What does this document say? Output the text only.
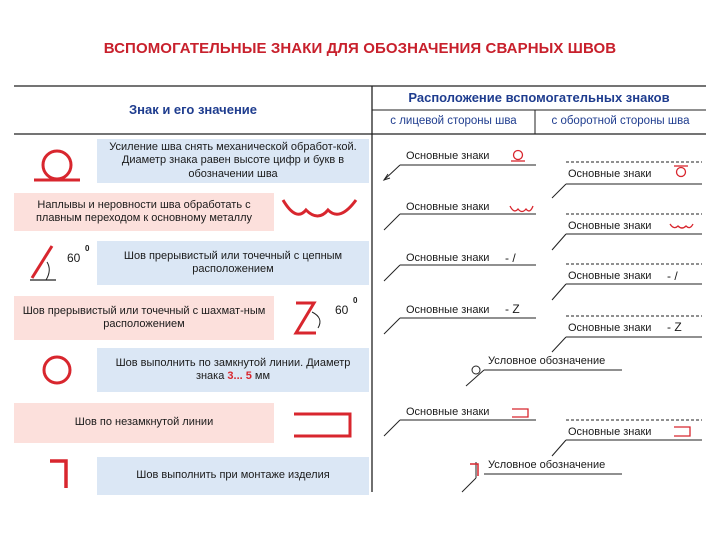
ВСПОМОГАТЕЛЬНЫЕ ЗНАКИ ДЛЯ ОБОЗНАЧЕНИЯ СВАРНЫХ ШВОВ
Знак и его значение
Расположение вспомогательных знаков
с лицевой стороны шва	с оборотной стороны шва
Усиление шва снять механической обработ-кой. Диаметр знака равен высоте цифр и букв в обозначении шва
Наплывы и неровности шва обработать с плавным переходом к основному металлу
Шов прерывистый или точечный с цепным расположением
Шов прерывистый или точечный с шахмат-ным расположением
Шов выполнить по замкнутой линии. Диаметр знака 3... 5 мм
Шов по незамкнутой линии
Шов выполнить при монтаже изделия
60
0
60
0
Основные знаки
Основные знаки
Основные знаки
Основные знаки
Основные знаки - /
Основные знаки - /
Основные знаки - Z
Основные знаки - Z
Условное обозначение
Основные знаки
Основные знаки
Условное обозначение
